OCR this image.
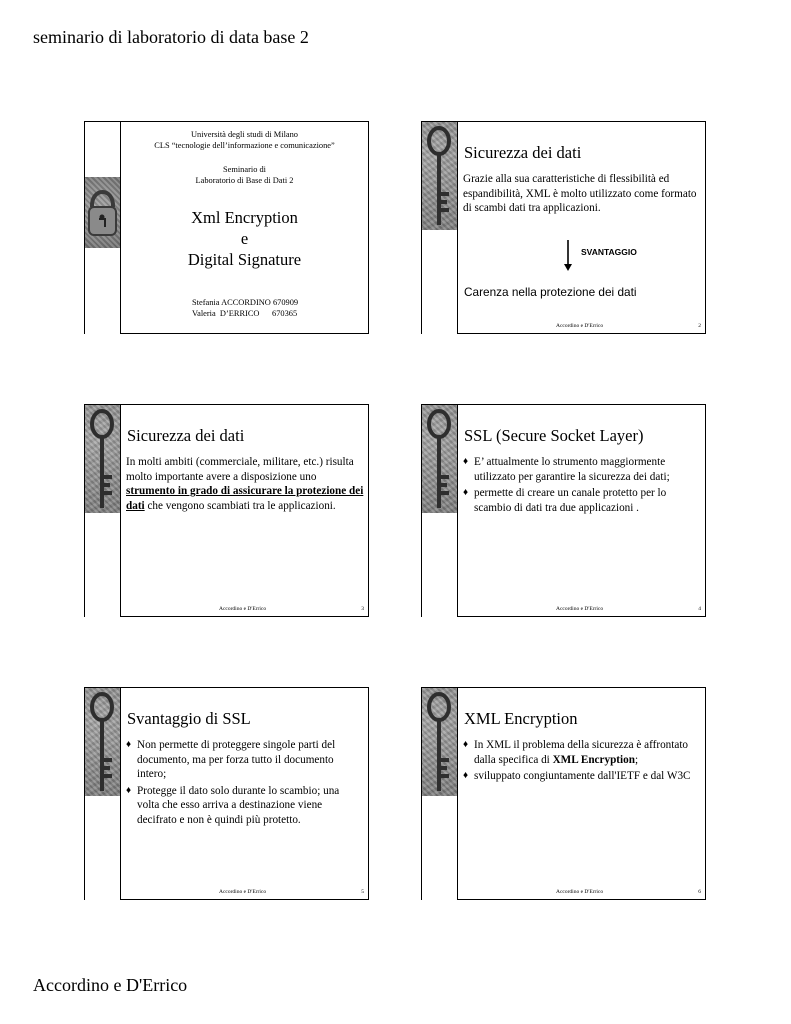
seminario di laboratorio di data base 2
Università degli studi di Milano
CLS “tecnologie dell’informazione e comunicazione”
Seminario di
Laboratorio di Base di Dati 2
Xml Encryption
e
Digital Signature
Stefania ACCORDINO 670909
Valeria  D’ERRICO      670365
Sicurezza dei dati
Grazie alla sua caratteristiche di flessibilità ed espandibilità, XML è molto utilizzato come formato di scambi dati tra applicazioni.
SVANTAGGIO
Carenza nella protezione dei dati
Accordino e D'Errico	2
Sicurezza dei dati
In molti ambiti (commerciale, militare, etc.) risulta molto importante avere a disposizione uno strumento in grado di assicurare la protezione dei dati che vengono scambiati tra le applicazioni.
Accordino e D'Errico	3
SSL (Secure Socket Layer)
♦ E’ attualmente lo strumento maggiormente utilizzato per garantire la sicurezza dei dati;
♦ permette di creare un canale protetto per lo scambio di dati tra due applicazioni .
Accordino e D'Errico	4
Svantaggio di SSL
♦ Non permette di proteggere singole parti del documento, ma per forza tutto il documento intero;
♦ Protegge il dato solo durante lo scambio; una volta che esso arriva a destinazione viene decifrato e non è quindi più protetto.
Accordino e D'Errico	5
XML Encryption
♦ In XML il problema della sicurezza è affrontato dalla specifica di XML Encryption;
♦ sviluppato congiuntamente dall'IETF e dal W3C
Accordino e D'Errico	6
Accordino e D'Errico
